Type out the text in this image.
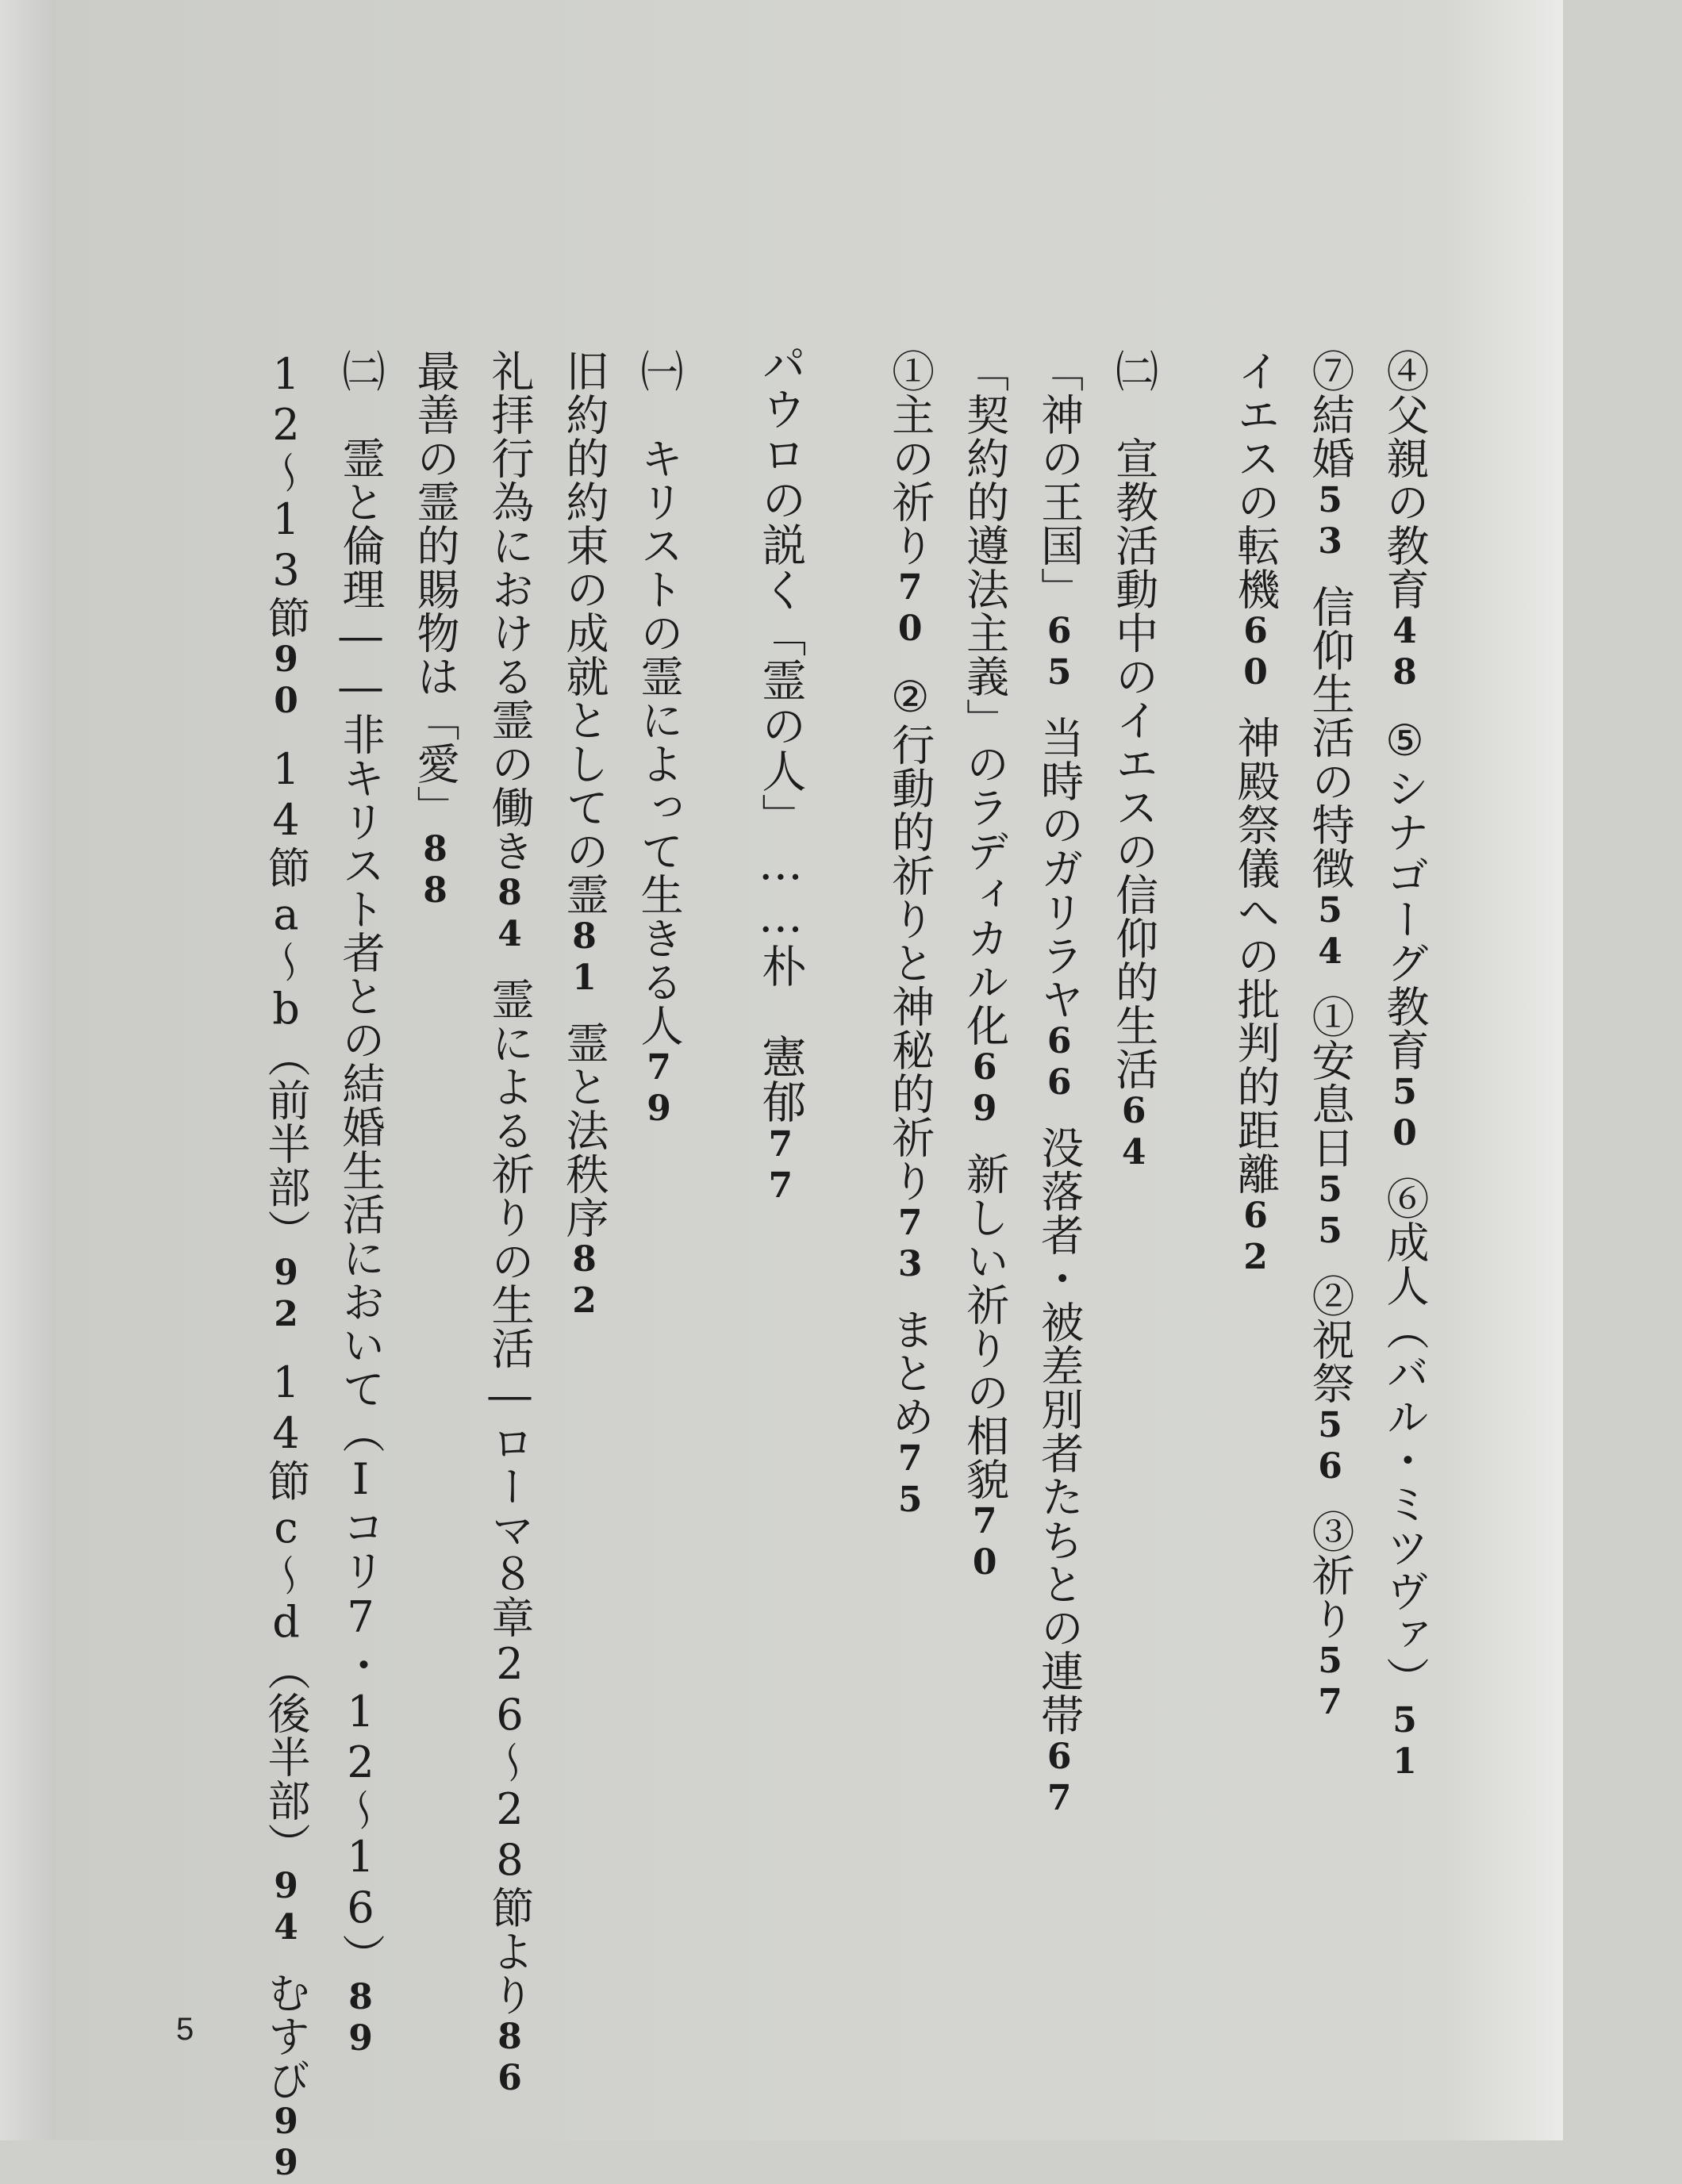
④父親の教育48⑤シナゴーグ教育50⑥成人（バル・ミツヴァ）51
⑦結婚53信仰生活の特徴54①安息日55②祝祭56③祈り57
イエスの転機60神殿祭儀への批判的距離62
㈡　宣教活動中のイエスの信仰的生活64
「神の王国」65当時のガリラヤ66没落者・被差別者たちとの連帯67
「契約的遵法主義」のラディカル化69新しい祈りの相貌70
①主の祈り70②行動的祈りと神秘的祈り73まとめ75
パウロの説く「霊の人」……朴　憲郁77
㈠　キリストの霊によって生きる人79
旧約的約束の成就としての霊81霊と法秩序82
礼拝行為における霊の働き84霊による祈りの生活―ローマ８章26～28節より86
最善の霊的賜物は「愛」88
㈡　霊と倫理――非キリスト者との結婚生活において（Ⅰコリ7・12～16）89
12～13節9014節a～b（前半部）9214節c～d（後半部）94むすび99
5
